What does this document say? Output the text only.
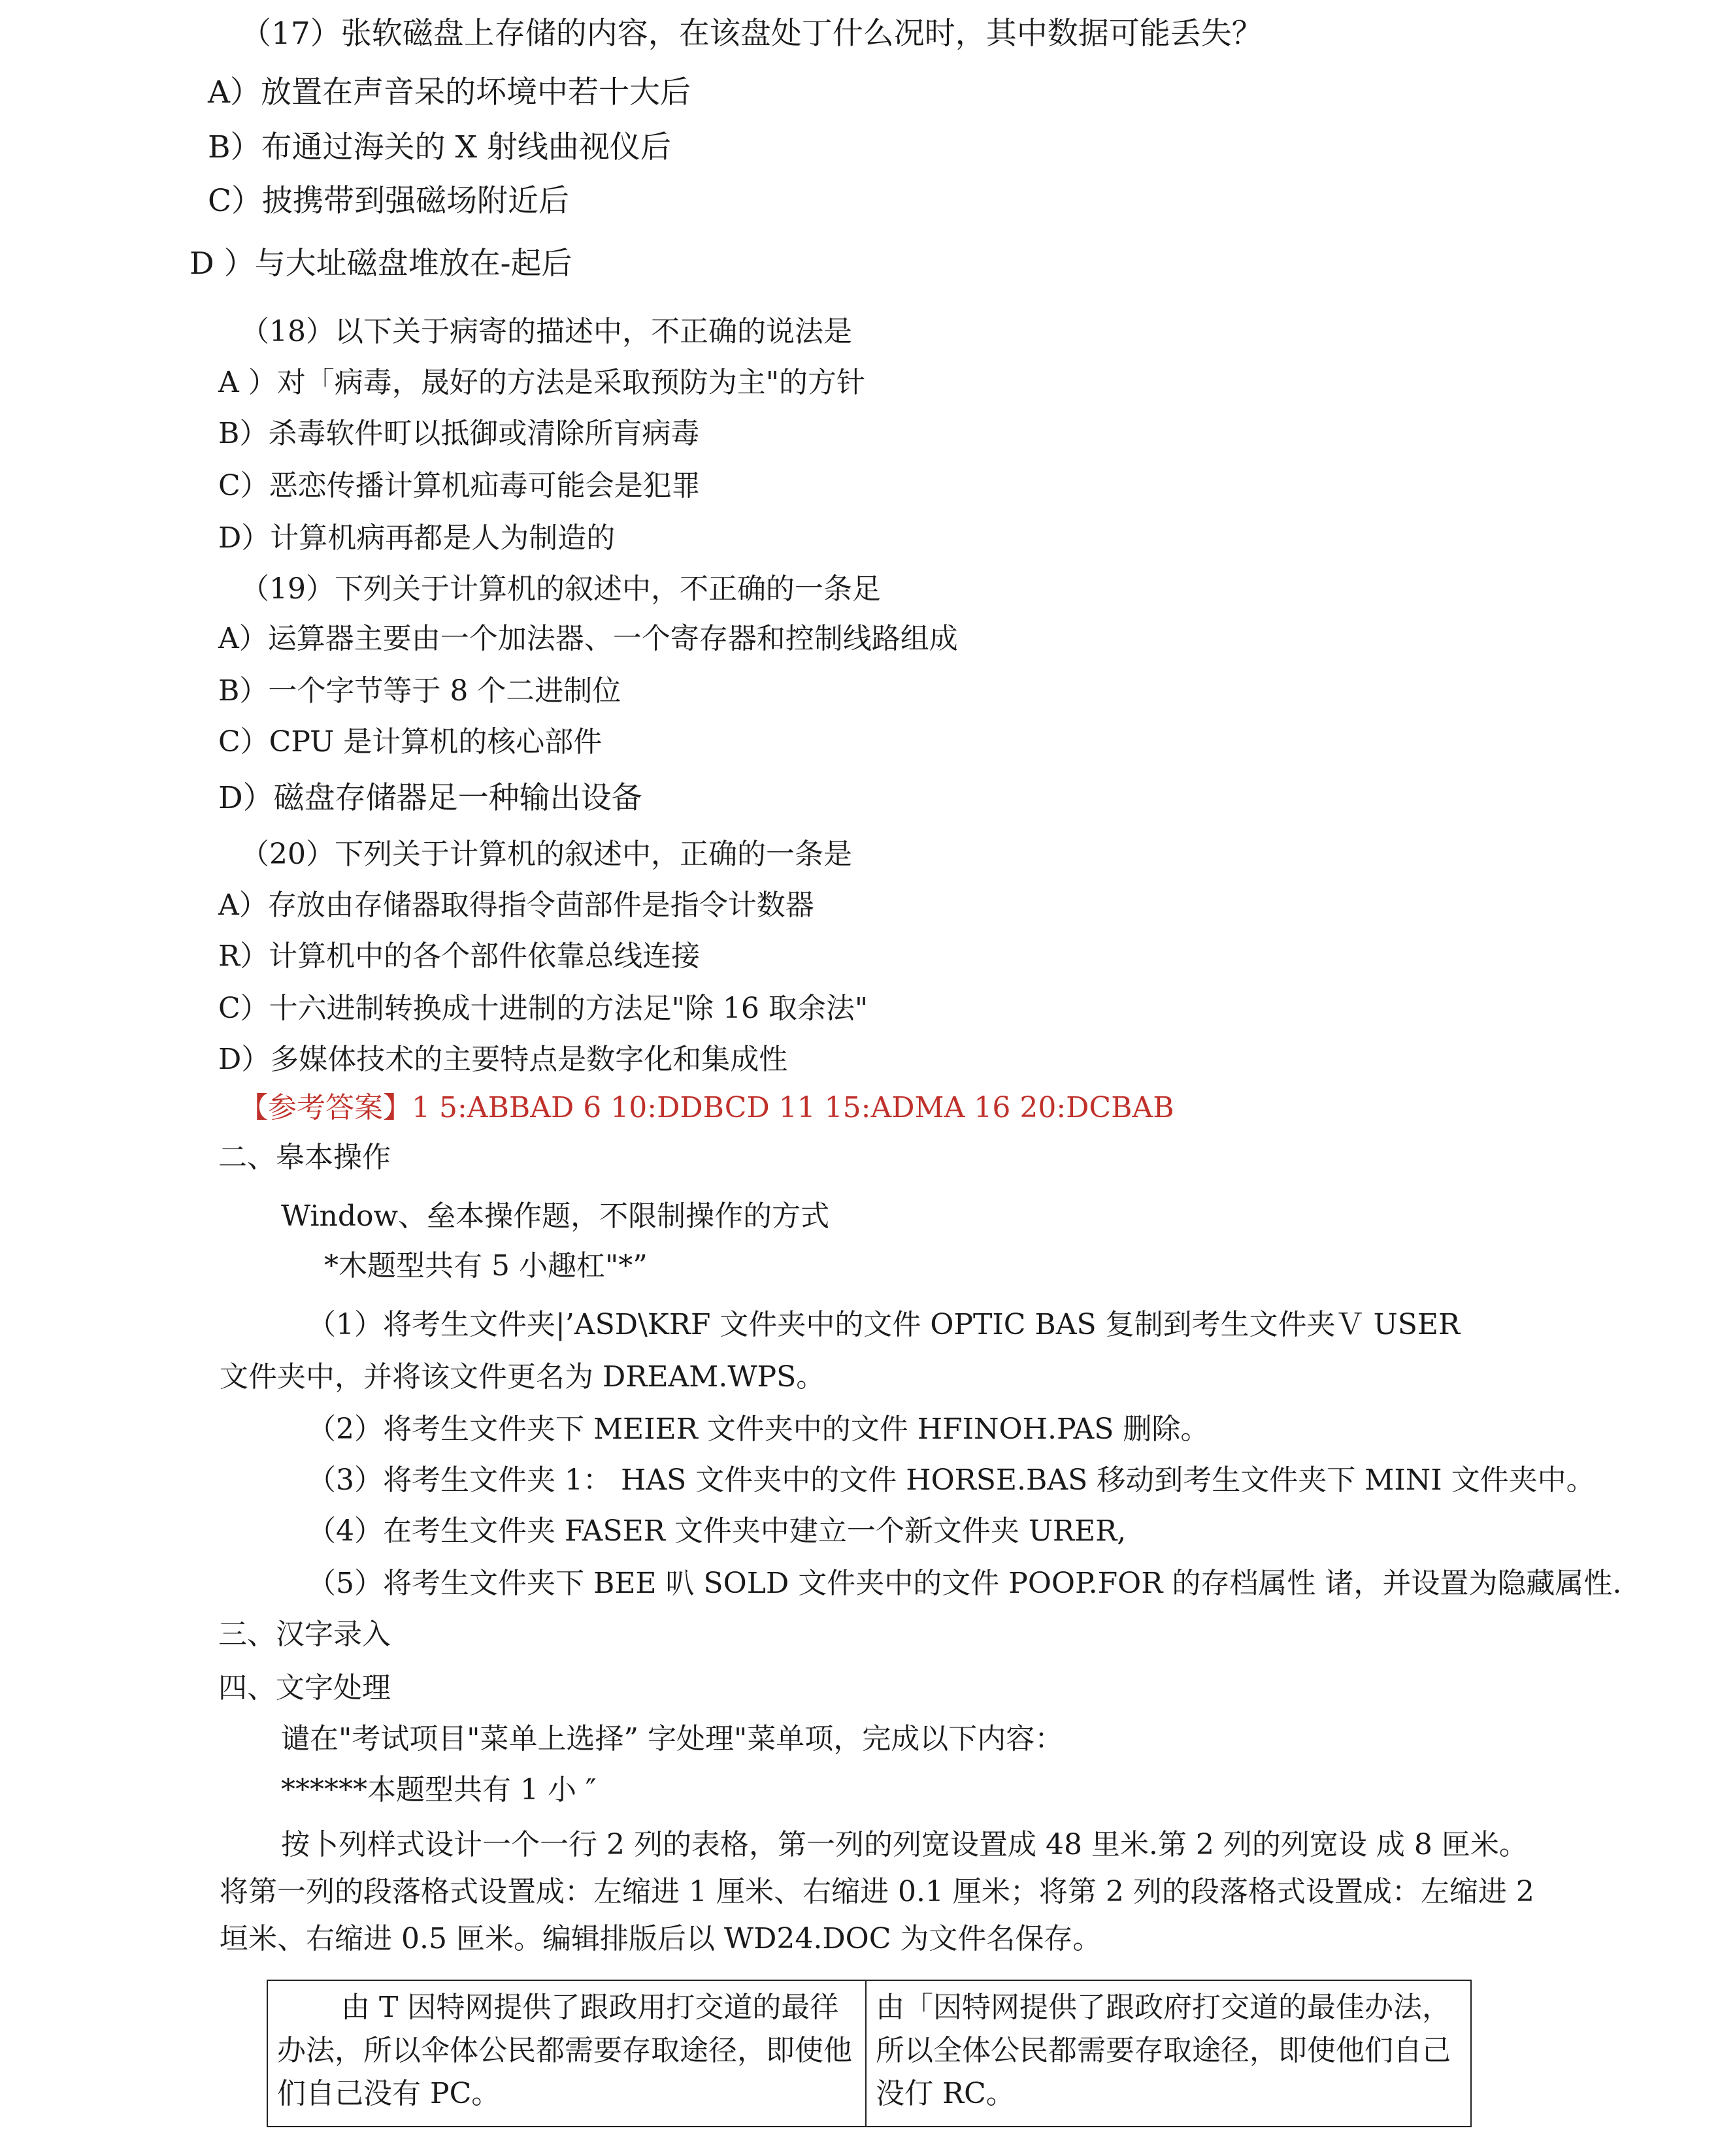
（17）张软磁盘上存储的内容，在该盘处丁什么况时，其中数据可能丢失？
A）放置在声音呆的坏境中若十大后
B）布通过海关的 X 射线曲视仪后
C）披携带到强磁场附近后
D ）与大址磁盘堆放在-起后
（18）以下关于病寄的描述中，不正确的说法是
A ）对「病毒，晟好的方法是采取预防为主"的方针
B）杀毒软件町以抵御或清除所肓病毒
C）恶恋传播计算机疝毒可能会是犯罪
D）计算机病再都是人为制造的
（19）下列关于计算机的叙述中，不正确的一条足
A）运算器主要由一个加法器、一个寄存器和控制线路组成
B）一个字节等于 8 个二进制位
C）CPU 是计算机的核心部件
D）磁盘存储器足一种输出设备
（20）下列关于计算机的叙述中，正确的一条是
A）存放由存储器取得指令茴部件是指令计数器
R）计算机中的各个部件依靠总线连接
C）十六进制转换成十进制的方法足"除 16 取余法"
D）多媒体技术的主要特点是数字化和集成性
【参考答案】1 5:ABBAD 6 10:DDBCD 11 15:ADMA 16 20:DCBAB
二、皋本操作
Window、垒本操作题，不限制操作的方式
*木题型共有 5 小趣杠"*”
（1）将考生文件夹|’ASD\KRF 文件夹中的文件 OPTIC BAS 复制到考生文件夹Ｖ USER
文件夹中，并将该文件更名为 DREAM.WPS。
（2）将考生文件夹下 MEIER 文件夹中的文件 HFINOH.PAS 删除。
（3）将考生文件夹 1： HAS 文件夹中的文件 HORSE.BAS 移动到考生文件夹下 MINI 文件夹中。
（4）在考生文件夹 FASER 文件夹中建立一个新文件夹 URER,
（5）将考生文件夹下 BEE 叭 SOLD 文件夹中的文件 POOP.FOR 的存档属性 诸，并设置为隐藏属性.
三、汉字录入
四、文字处理
谴在"考试项目"菜单上选择” 字处理"菜单项，完成以下内容：
******本题型共有 1 小 ″
按卜列样式设计一个一行 2 列的表格，第一列的列宽设置成 48 里米.第 2 列的列宽设 成 8 匣米。
将第一列的段落格式设置成：左缩进 1 厘米、右缩进 0.1 厘米；将第 2 列的段落格式设置成：左缩进 2
垣米、右缩进 0.5 匣米。编辑排版后以 WD24.DOC 为文件名保存。
由 T 因特网提供了跟政用打交道的最徉办法，所以伞体公民都需要存取途径，即使他们自己没有 PC。	由「因特网提供了跟政府打交道的最佳办法，所以全体公民都需要存取途径，即使他们自己没仃 RC。
